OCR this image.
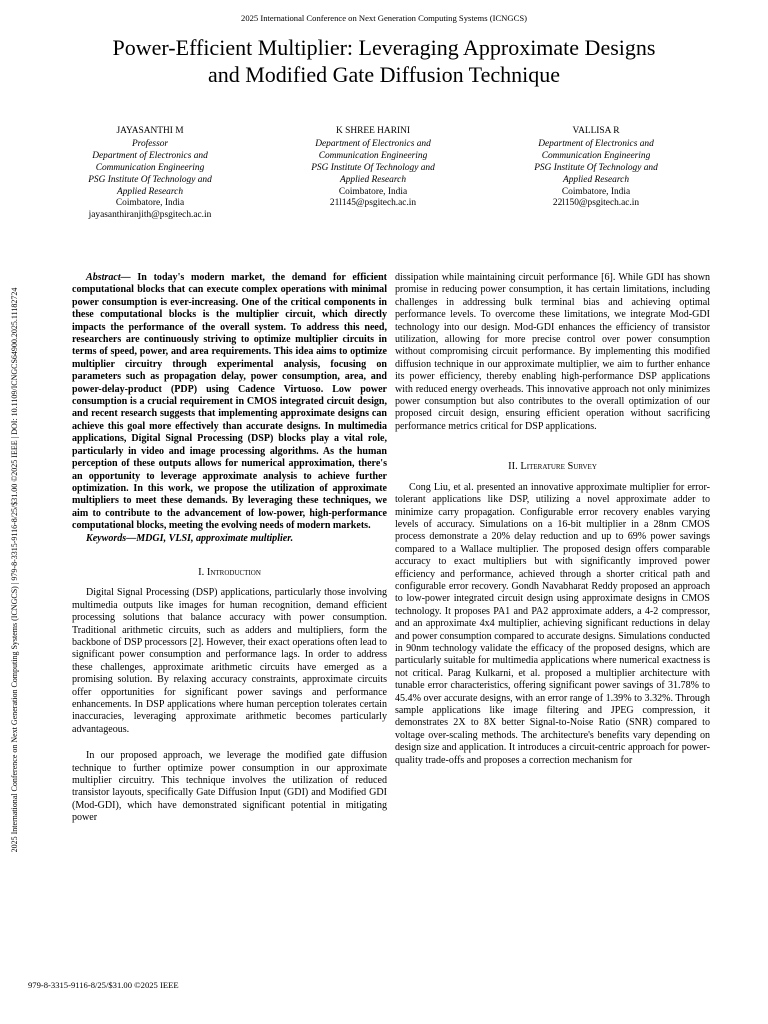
2025 International Conference on Next Generation Computing Systems (ICNGCS)
Power-Efficient Multiplier: Leveraging Approximate Designs
and Modified Gate Diffusion Technique
JAYASANTHI M
Professor
Department of Electronics and
Communication Engineering
PSG Institute Of Technology and
Applied Research
Coimbatore, India
jayasanthiranjith@psgitech.ac.in
K SHREE HARINI
Department of Electronics and
Communication Engineering
PSG Institute Of Technology and
Applied Research
Coimbatore, India
21l145@psgitech.ac.in
VALLISA R
Department of Electronics and
Communication Engineering
PSG Institute Of Technology and
Applied Research
Coimbatore, India
22l150@psgitech.ac.in
2025 International Conference on Next Generation Computing Systems (ICNGCS) | 979-8-3315-9116-8/25/$31.00 ©2025 IEEE | DOI: 10.1109/ICNGCS64900.2025.11182724

Abstract— In today's modern market, the demand for efficient computational blocks that can execute complex operations with minimal power consumption is ever-increasing. One of the critical components in these computational blocks is the multiplier circuit, which directly impacts the performance of the overall system. To address this need, researchers are continuously striving to optimize multiplier circuits in terms of speed, power, and area requirements. This idea aims to optimize multiplier circuitry through experimental analysis, focusing on parameters such as propagation delay, power consumption, area, and power-delay-product (PDP) using Cadence Virtuoso. Low power consumption is a crucial requirement in CMOS integrated circuit design, and recent research suggests that implementing approximate designs can achieve this goal more effectively than accurate designs. In multimedia applications, Digital Signal Processing (DSP) blocks play a vital role, particularly in video and image processing algorithms. As the human perception of these outputs allows for numerical approximation, there's an opportunity to leverage approximate analysis to achieve further optimization. In this work, we propose the utilization of approximate multipliers to meet these demands. By leveraging these techniques, we aim to contribute to the advancement of low-power, high-performance computational blocks, meeting the evolving needs of modern markets.

Keywords—MDGI, VLSI, approximate multiplier.

I. Introduction

Digital Signal Processing (DSP) applications, particularly those involving multimedia outputs like images for human recognition, demand efficient processing solutions that balance accuracy with power consumption. Traditional arithmetic circuits, such as adders and multipliers, form the backbone of DSP processors [2]. However, their exact operations often lead to significant power consumption and performance lags. In order to address these challenges, approximate arithmetic circuits have emerged as a promising solution. By relaxing accuracy constraints, approximate circuits offer opportunities for significant power savings and performance enhancements. In DSP applications where human perception tolerates certain inaccuracies, leveraging approximate arithmetic becomes particularly advantageous.

In our proposed approach, we leverage the modified gate diffusion technique to further optimize power consumption in our approximate multiplier circuitry. This technique involves the utilization of reduced transistor layouts, specifically Gate Diffusion Input (GDI) and Modified GDI (Mod-GDI), which have demonstrated significant potential in mitigating power

dissipation while maintaining circuit performance [6]. While GDI has shown promise in reducing power consumption, it has certain limitations, including challenges in addressing bulk terminal bias and achieving optimal performance levels. To overcome these limitations, we integrate Mod-GDI technology into our design. Mod-GDI enhances the efficiency of transistor utilization, allowing for more precise control over power consumption without compromising circuit performance. By implementing this modified diffusion technique in our approximate multiplier, we aim to further enhance its power efficiency, thereby enabling high-performance DSP applications with reduced energy overheads. This innovative approach not only minimizes power consumption but also contributes to the overall optimization of our proposed circuit design, ensuring efficient operation without sacrificing performance metrics critical for DSP applications.

II. Literature Survey

Cong Liu, et al. presented an innovative approximate multiplier for error-tolerant applications like DSP, utilizing a novel approximate adder to minimize carry propagation. Configurable error recovery enables varying levels of accuracy. Simulations on a 16-bit multiplier in a 28nm CMOS process demonstrate a 20% delay reduction and up to 69% power savings compared to a Wallace multiplier. The proposed design offers comparable accuracy to exact multipliers but with significantly improved power efficiency and performance, achieved through a shorter critical path and configurable error recovery. Gondh Navabharat Reddy proposed an approach to low-power integrated circuit design using approximate designs in CMOS technology. It proposes PA1 and PA2 approximate adders, a 4-2 compressor, and an approximate 4x4 multiplier, achieving significant reductions in delay and power consumption compared to accurate designs. Simulations conducted in 90nm technology validate the efficacy of the proposed designs, which are particularly suitable for multimedia applications where numerical exactness is not critical. Parag Kulkarni, et al. proposed a multiplier architecture with tunable error characteristics, offering significant power savings of 31.78% to 45.4% over accurate designs, with an error range of 1.39% to 3.32%. Through sample applications like image filtering and JPEG compression, it demonstrates 2X to 8X better Signal-to-Noise Ratio (SNR) compared to voltage over-scaling methods. The architecture's benefits vary depending on design size and application. It introduces a circuit-centric approach for power-quality trade-offs and proposes a correction mechanism for

979-8-3315-9116-8/25/$31.00 ©2025 IEEE
